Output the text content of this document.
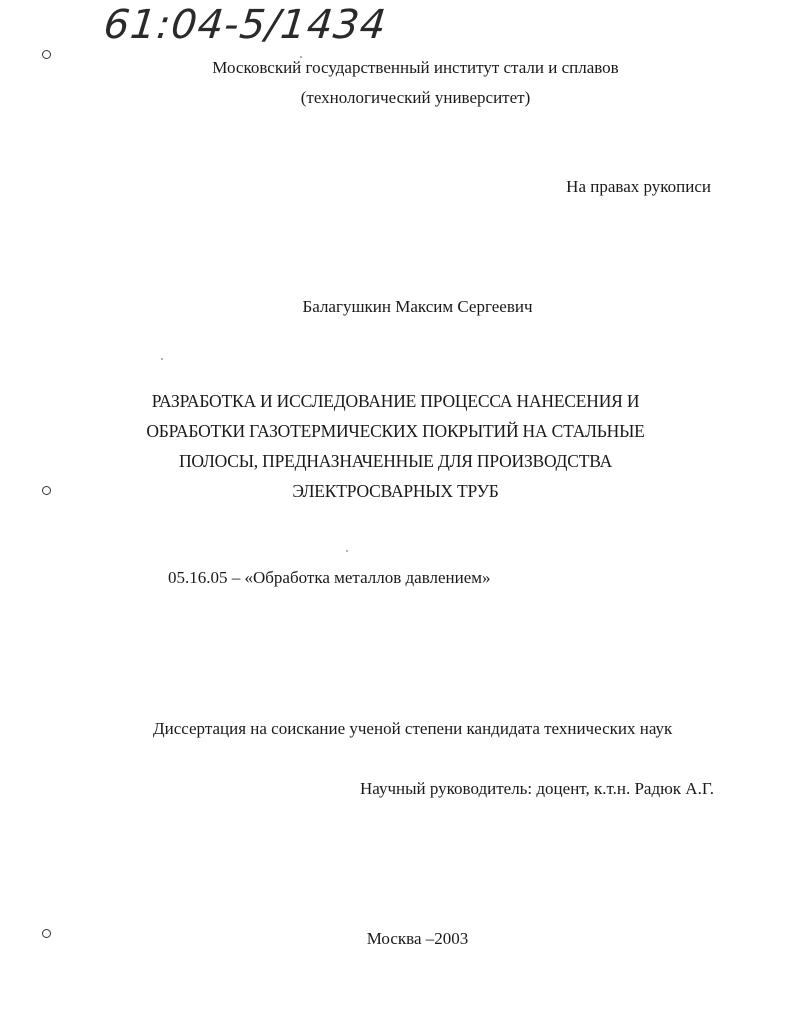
61:04-5/1434
Московский государственный институт стали и сплавов
(технологический университет)
На правах рукописи
Балагушкин Максим Сергеевич
РАЗРАБОТКА И ИССЛЕДОВАНИЕ ПРОЦЕССА НАНЕСЕНИЯ И
ОБРАБОТКИ ГАЗОТЕРМИЧЕСКИХ ПОКРЫТИЙ НА СТАЛЬНЫЕ
ПОЛОСЫ, ПРЕДНАЗНАЧЕННЫЕ ДЛЯ ПРОИЗВОДСТВА
ЭЛЕКТРОСВАРНЫХ ТРУБ
05.16.05 – «Обработка металлов давлением»
Диссертация на соискание ученой степени кандидата технических наук
Научный руководитель: доцент, к.т.н. Радюк А.Г.
Москва –2003
